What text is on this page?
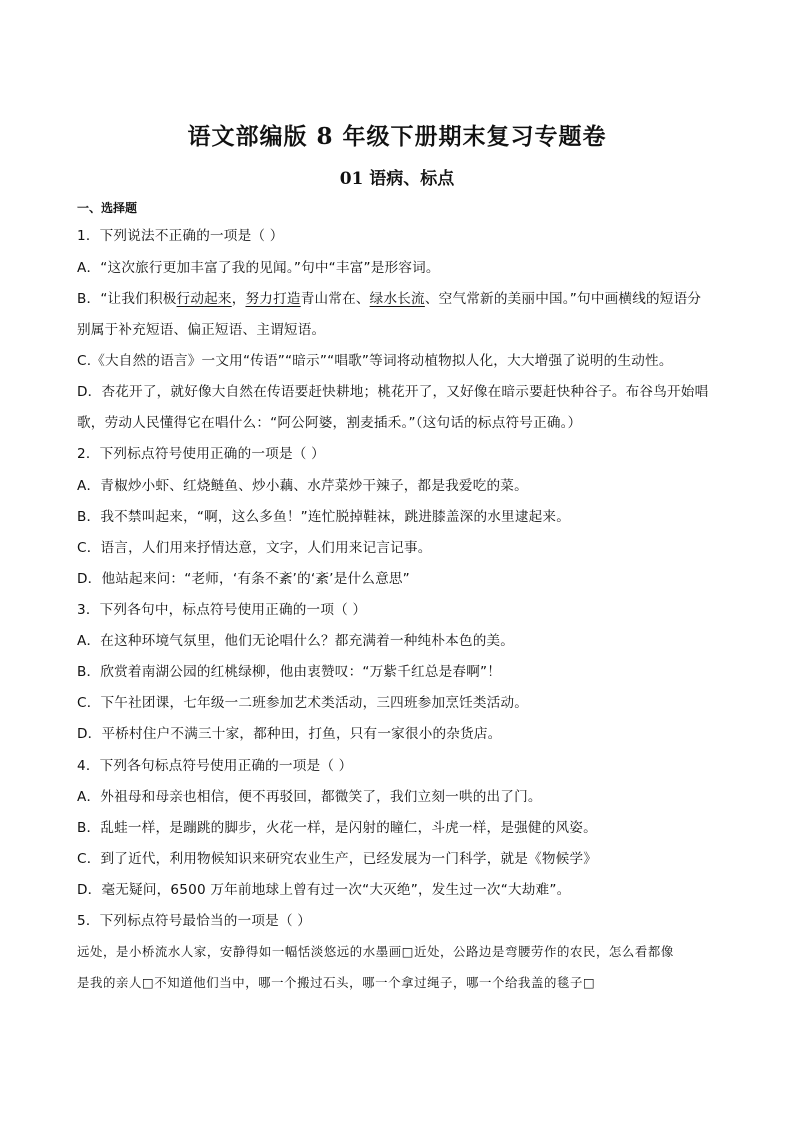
语文部编版 8 年级下册期末复习专题卷
01 语病、标点
一、选择题
1．下列说法不正确的一项是（ ）
A．“这次旅行更加丰富了我的见闻。”句中“丰富”是形容词。
B．“让我们积极行动起来，努力打造青山常在、绿水长流、空气常新的美丽中国。”句中画横线的短语分
别属于补充短语、偏正短语、主谓短语。
C.《大自然的语言》一文用“传语”“暗示”“唱歌”等词将动植物拟人化，大大增强了说明的生动性。
D．杏花开了，就好像大自然在传语要赶快耕地；桃花开了，又好像在暗示要赶快种谷子。布谷鸟开始唱
歌，劳动人民懂得它在唱什么：“阿公阿婆，割麦插禾。”（这句话的标点符号正确。）
2．下列标点符号使用正确的一项是（ ）
A．青椒炒小虾、红烧鲢鱼、炒小藕、水芹菜炒干辣子，都是我爱吃的菜。
B．我不禁叫起来，“啊，这么多鱼！”连忙脱掉鞋袜，跳进膝盖深的水里逮起来。
C．语言，人们用来抒情达意，文字，人们用来记言记事。
D．他站起来问：“老师，‘有条不紊’的‘紊’是什么意思”
3．下列各句中，标点符号使用正确的一项（ ）
A．在这种环境气氛里，他们无论唱什么？都充满着一种纯朴本色的美。
B．欣赏着南湖公园的红桃绿柳，他由衷赞叹：“万紫千红总是春啊”！
C．下午社团课，七年级一二班参加艺术类活动，三四班参加烹饪类活动。
D．平桥村住户不满三十家，都种田，打鱼，只有一家很小的杂货店。
4．下列各句标点符号使用正确的一项是（ ）
A．外祖母和母亲也相信，便不再驳回，都微笑了，我们立刻一哄的出了门。
B．乱蛙一样，是蹦跳的脚步，火花一样，是闪射的瞳仁，斗虎一样，是强健的风姿。
C．到了近代，利用物候知识来研究农业生产，已经发展为一门科学，就是《物候学》
D．毫无疑问，6500 万年前地球上曾有过一次“大灭绝”，发生过一次“大劫难”。
5．下列标点符号最恰当的一项是（ ）
远处，是小桥流水人家，安静得如一幅恬淡悠远的水墨画□近处，公路边是弯腰劳作的农民，怎么看都像
是我的亲人□不知道他们当中，哪一个搬过石头，哪一个拿过绳子，哪一个给我盖的毯子□
